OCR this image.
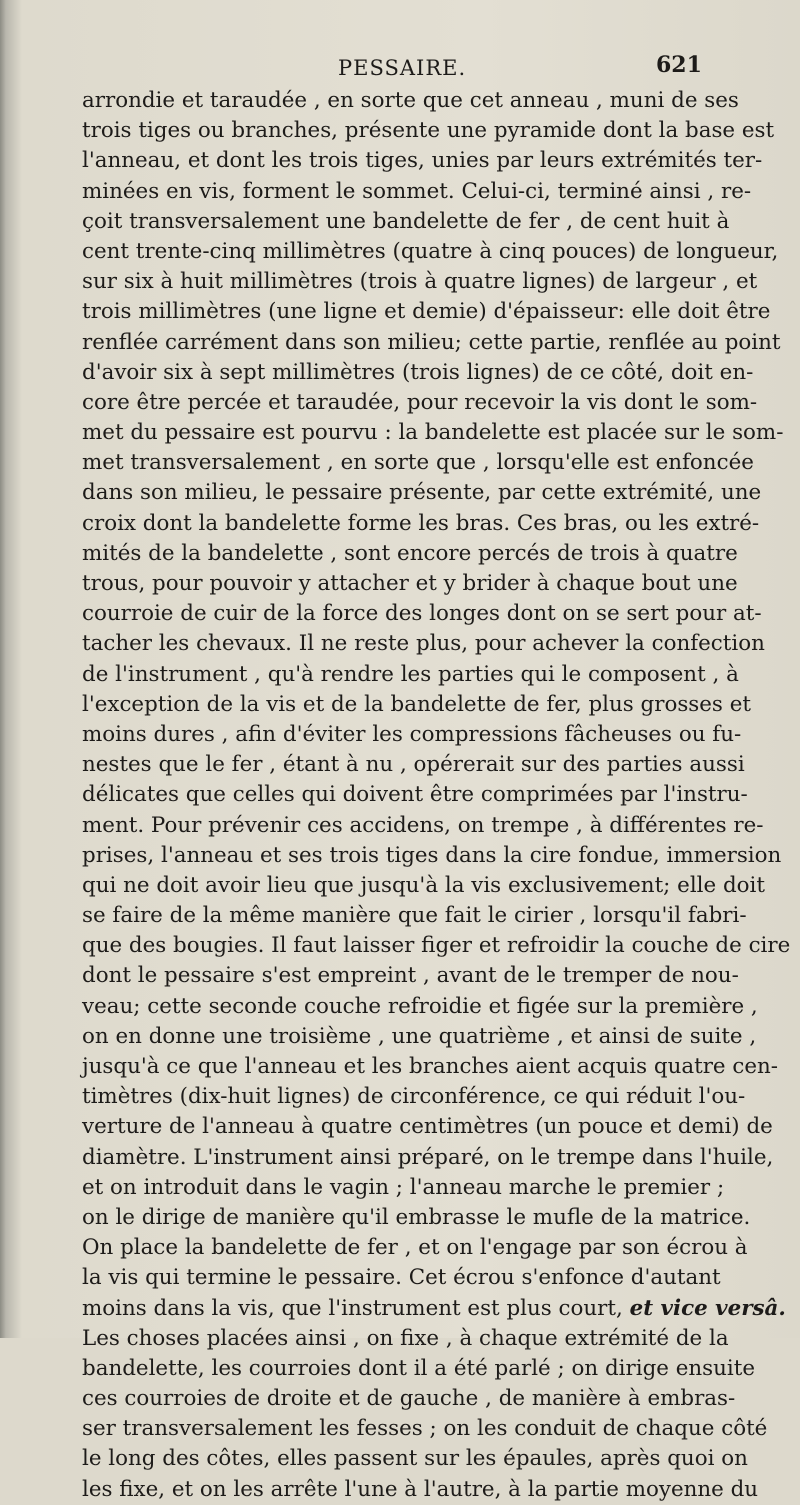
PESSAIRE.	621
arrondie et taraudée , en sorte que cet anneau , muni de ses
trois tiges ou branches, présente une pyramide dont la base est
l'anneau, et dont les trois tiges, unies par leurs extrémités ter-
minées en vis, forment le sommet. Celui-ci, terminé ainsi , re-
çoit transversalement une bandelette de fer , de cent huit à
cent trente-cinq millimètres (quatre à cinq pouces) de longueur,
sur six à huit millimètres (trois à quatre lignes) de largeur , et
trois millimètres (une ligne et demie) d'épaisseur: elle doit être
renflée carrément dans son milieu; cette partie, renflée au point
d'avoir six à sept millimètres (trois lignes) de ce côté, doit en-
core être percée et taraudée, pour recevoir la vis dont le som-
met du pessaire est pourvu : la bandelette est placée sur le som-
met transversalement , en sorte que , lorsqu'elle est enfoncée
dans son milieu, le pessaire présente, par cette extrémité, une
croix dont la bandelette forme les bras. Ces bras, ou les extré-
mités de la bandelette , sont encore percés de trois à quatre
trous, pour pouvoir y attacher et y brider à chaque bout une
courroie de cuir de la force des longes dont on se sert pour at-
tacher les chevaux. Il ne reste plus, pour achever la confection
de l'instrument , qu'à rendre les parties qui le composent , à
l'exception de la vis et de la bandelette de fer, plus grosses et
moins dures , afin d'éviter les compressions fâcheuses ou fu-
nestes que le fer , étant à nu , opérerait sur des parties aussi
délicates que celles qui doivent être comprimées par l'instru-
ment. Pour prévenir ces accidens, on trempe , à différentes re-
prises, l'anneau et ses trois tiges dans la cire fondue, immersion
qui ne doit avoir lieu que jusqu'à la vis exclusivement; elle doit
se faire de la même manière que fait le cirier , lorsqu'il fabri-
que des bougies. Il faut laisser figer et refroidir la couche de cire
dont le pessaire s'est empreint , avant de le tremper de nou-
veau; cette seconde couche refroidie et figée sur la première ,
on en donne une troisième , une quatrième , et ainsi de suite ,
jusqu'à ce que l'anneau et les branches aient acquis quatre cen-
timètres (dix-huit lignes) de circonférence, ce qui réduit l'ou-
verture de l'anneau à quatre centimètres (un pouce et demi) de
diamètre. L'instrument ainsi préparé, on le trempe dans l'huile,
et on introduit dans le vagin ; l'anneau marche le premier ;
on le dirige de manière qu'il embrasse le mufle de la matrice.
On place la bandelette de fer , et on l'engage par son écrou à
la vis qui termine le pessaire. Cet écrou s'enfonce d'autant
moins dans la vis, que l'instrument est plus court, et vice versâ.
Les choses placées ainsi , on fixe , à chaque extrémité de la
bandelette, les courroies dont il a été parlé ; on dirige ensuite
ces courroies de droite et de gauche , de manière à embras-
ser transversalement les fesses ; on les conduit de chaque côté
le long des côtes, elles passent sur les épaules, après quoi on
les fixe, et on les arrête l'une à l'autre, à la partie moyenne du
